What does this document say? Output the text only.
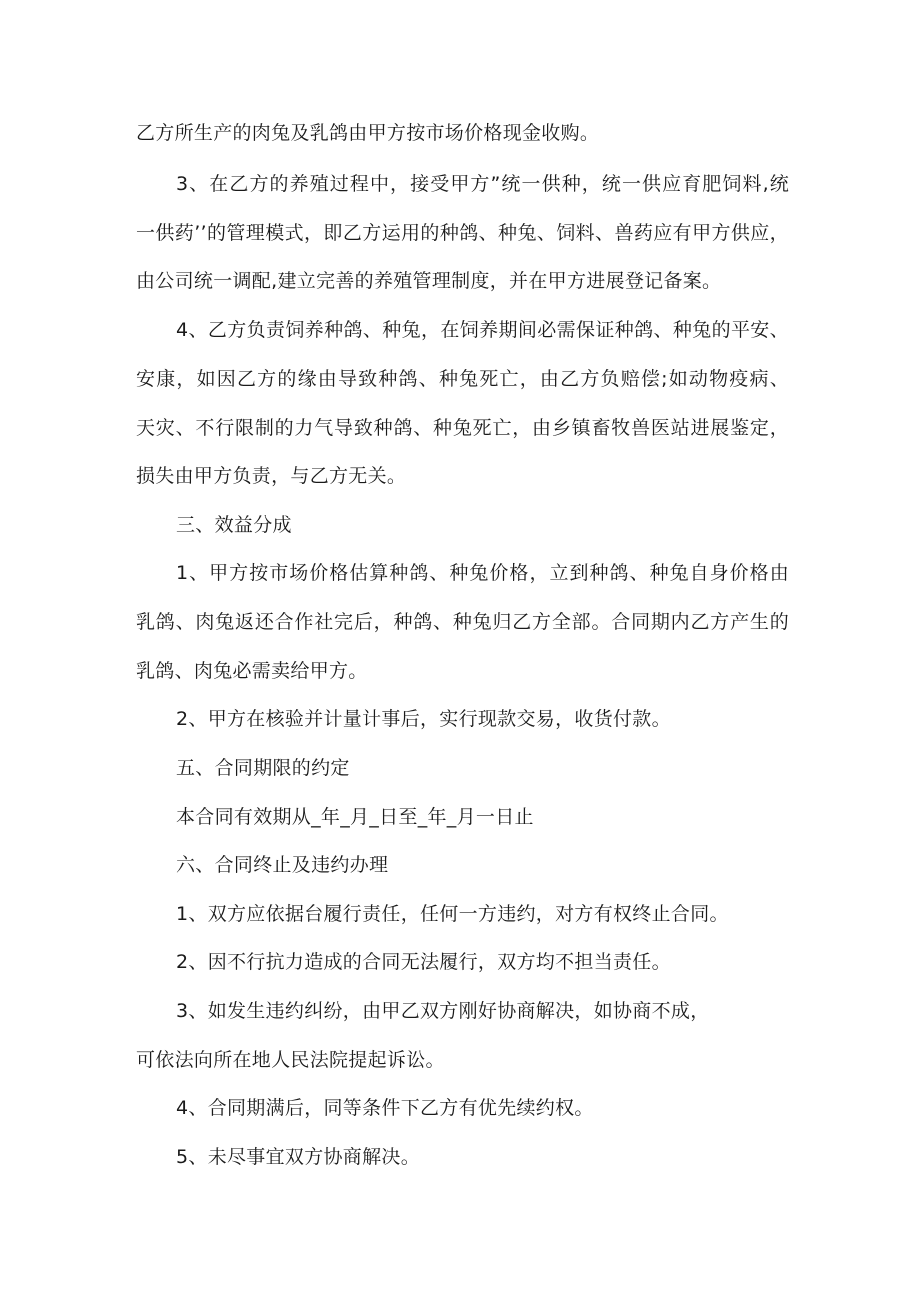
乙方所生产的肉兔及乳鸽由甲方按市场价格现金收购。
3、在乙方的养殖过程中，接受甲方”统一供种，统一供应育肥饲料,统
一供药’’的管理模式，即乙方运用的种鸽、种兔、饲料、兽药应有甲方供应，
由公司统一调配,建立完善的养殖管理制度，并在甲方进展登记备案。
4、乙方负责饲养种鸽、种兔，在饲养期间必需保证种鸽、种兔的平安、
安康，如因乙方的缘由导致种鸽、种兔死亡，由乙方负赔偿;如动物疫病、
天灾、不行限制的力气导致种鸽、种兔死亡，由乡镇畜牧兽医站进展鉴定，
损失由甲方负责，与乙方无关。
三、效益分成
1、甲方按市场价格估算种鸽、种兔价格，立到种鸽、种兔自身价格由
乳鸽、肉兔返还合作社完后，种鸽、种兔归乙方全部。合同期内乙方产生的
乳鸽、肉兔必需卖给甲方。
2、甲方在核验并计量计事后，实行现款交易，收货付款。
五、合同期限的约定
本合同有效期从_年_月_日至_年_月一日止
六、合同终止及违约办理
1、双方应依据台履行责任，任何一方违约，对方有权终止合同。
2、因不行抗力造成的合同无法履行，双方均不担当责任。
3、如发生违约纠纷，由甲乙双方刚好协商解决，如协商不成，
可依法向所在地人民法院提起诉讼。
4、合同期满后，同等条件下乙方有优先续约权。
5、未尽事宜双方协商解决。
